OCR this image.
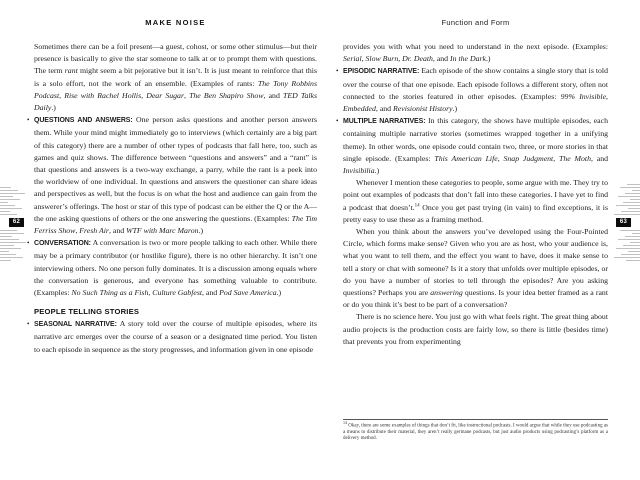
MAKE NOISE

Sometimes there can be a foil present—a guest, cohost, or some other stimulus—but their presence is basically to give the star someone to talk at or to prompt them with questions. The term rant might seem a bit pejorative but it isn’t. It is just meant to reinforce that this is a solo effort, not the work of an ensemble. (Examples of rants: The Tony Robbins Podcast, Rise with Rachel Hollis, Dear Sugar, The Ben Shapiro Show, and TED Talks Daily.)

• QUESTIONS AND ANSWERS: One person asks questions and another person answers them. While your mind might immediately go to interviews (which certainly are a big part of this category) there are a number of other types of podcasts that fall here, too, such as games and quiz shows. The difference between “questions and answers” and a “rant” is that questions and answers is a two-way exchange, a parry, while the rant is a peek into the worldview of one individual. In questions and answers the questioner can share ideas and perspectives as well, but the focus is on what the host and audience can gain from the answerer’s offerings. The host or star of this type of podcast can be either the Q or the A—the one asking questions of others or the one answering the questions. (Examples: The Tim Ferriss Show, Fresh Air, and WTF with Marc Maron.)

• CONVERSATION: A conversation is two or more people talking to each other. While there may be a primary contributor (or hostlike figure), there is no other hierarchy. It isn’t one interviewing others. No one person fully dominates. It is a discussion among equals where the conversation is generous, and everyone has something valuable to contribute. (Examples: No Such Thing as a Fish, Culture Gabfest, and Pod Save America.)

PEOPLE TELLING STORIES

• SEASONAL NARRATIVE: A story told over the course of multiple episodes, where its narrative arc emerges over the course of a season or a designated time period. You listen to each episode in sequence as the story progresses, and information given in one episode

Function and Form

provides you with what you need to understand in the next episode. (Examples: Serial, Slow Burn, Dr. Death, and In the Dark.)

• EPISODIC NARRATIVE: Each episode of the show contains a single story that is told over the course of that one episode. Each episode follows a different story, often not connected to the stories featured in other episodes. (Examples: 99% Invisible, Embedded, and Revisionist History.)

• MULTIPLE NARRATIVES: In this category, the shows have multiple episodes, each containing multiple narrative stories (sometimes wrapped together in a unifying theme). In other words, one episode could contain two, three, or more stories in that single episode. (Examples: This American Life, Snap Judgment, The Moth, and Invisibilia.)

Whenever I mention these categories to people, some argue with me. They try to point out examples of podcasts that don’t fall into these categories. I have yet to find a podcast that doesn’t.$^{14}$ Once you get past trying (in vain) to find exceptions, it is pretty easy to use these as a framing method.

When you think about the answers you’ve developed using the Four-Pointed Circle, which forms make sense? Given who you are as host, who your audience is, what you want to tell them, and the effect you want to have, does it make sense to tell a story or chat with someone? Is it a story that unfolds over multiple episodes, or do you have a number of stories to tell through the episodes? Are you asking questions? Perhaps you are answering questions. Is your idea better framed as a rant or do you think it’s best to be part of a conversation?

There is no science here. You just go with what feels right. The great thing about audio projects is the production costs are fairly low, so there is little (besides time) that prevents you from experimenting

$^{14}$ Okay, there are some examples of things that don’t fit, like instructional podcasts. I would argue that while they use podcasting as a means to distribute their material, they aren’t really germane podcasts, but just audio products using podcasting’s platform as a delivery method.
62	63
